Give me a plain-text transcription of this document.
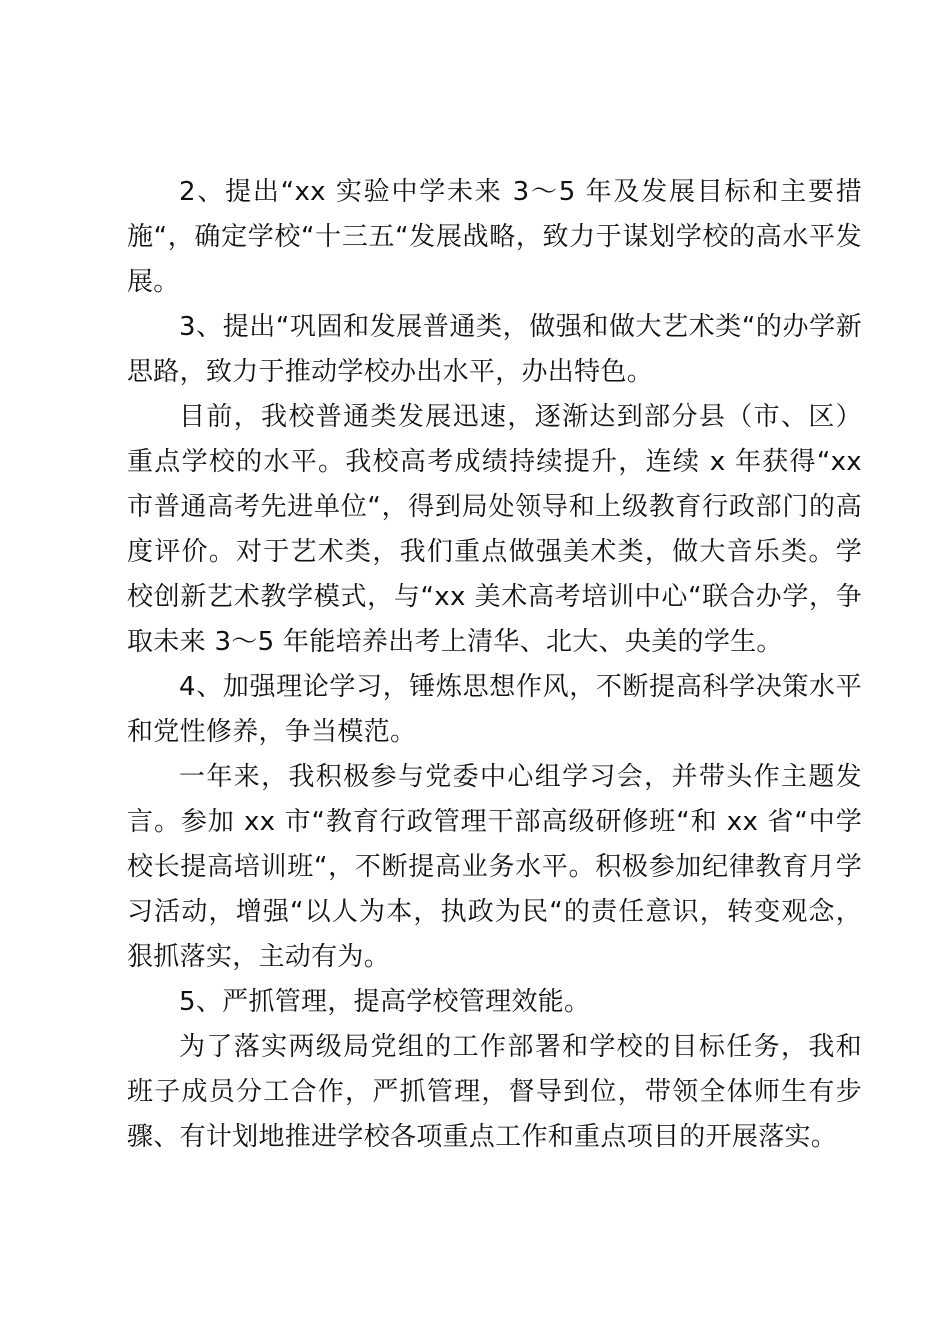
2、提出“xx 实验中学未来 3～5 年及发展目标和主要措施“，确定学校“十三五“发展战略，致力于谋划学校的高水平发展。

3、提出“巩固和发展普通类，做强和做大艺术类“的办学新思路，致力于推动学校办出水平，办出特色。

目前，我校普通类发展迅速，逐渐达到部分县（市、区）重点学校的水平。我校高考成绩持续提升，连续 x 年获得“xx 市普通高考先进单位“，得到局处领导和上级教育行政部门的高度评价。对于艺术类，我们重点做强美术类，做大音乐类。学校创新艺术教学模式，与“xx 美术高考培训中心“联合办学，争取未来 3～5 年能培养出考上清华、北大、央美的学生。

4、加强理论学习，锤炼思想作风，不断提高科学决策水平和党性修养，争当模范。

一年来，我积极参与党委中心组学习会，并带头作主题发言。参加 xx 市“教育行政管理干部高级研修班“和 xx 省“中学校长提高培训班“，不断提高业务水平。积极参加纪律教育月学习活动，增强“以人为本，执政为民“的责任意识，转变观念，狠抓落实，主动有为。

5、严抓管理，提高学校管理效能。

为了落实两级局党组的工作部署和学校的目标任务，我和班子成员分工合作，严抓管理，督导到位，带领全体师生有步骤、有计划地推进学校各项重点工作和重点项目的开展落实。
